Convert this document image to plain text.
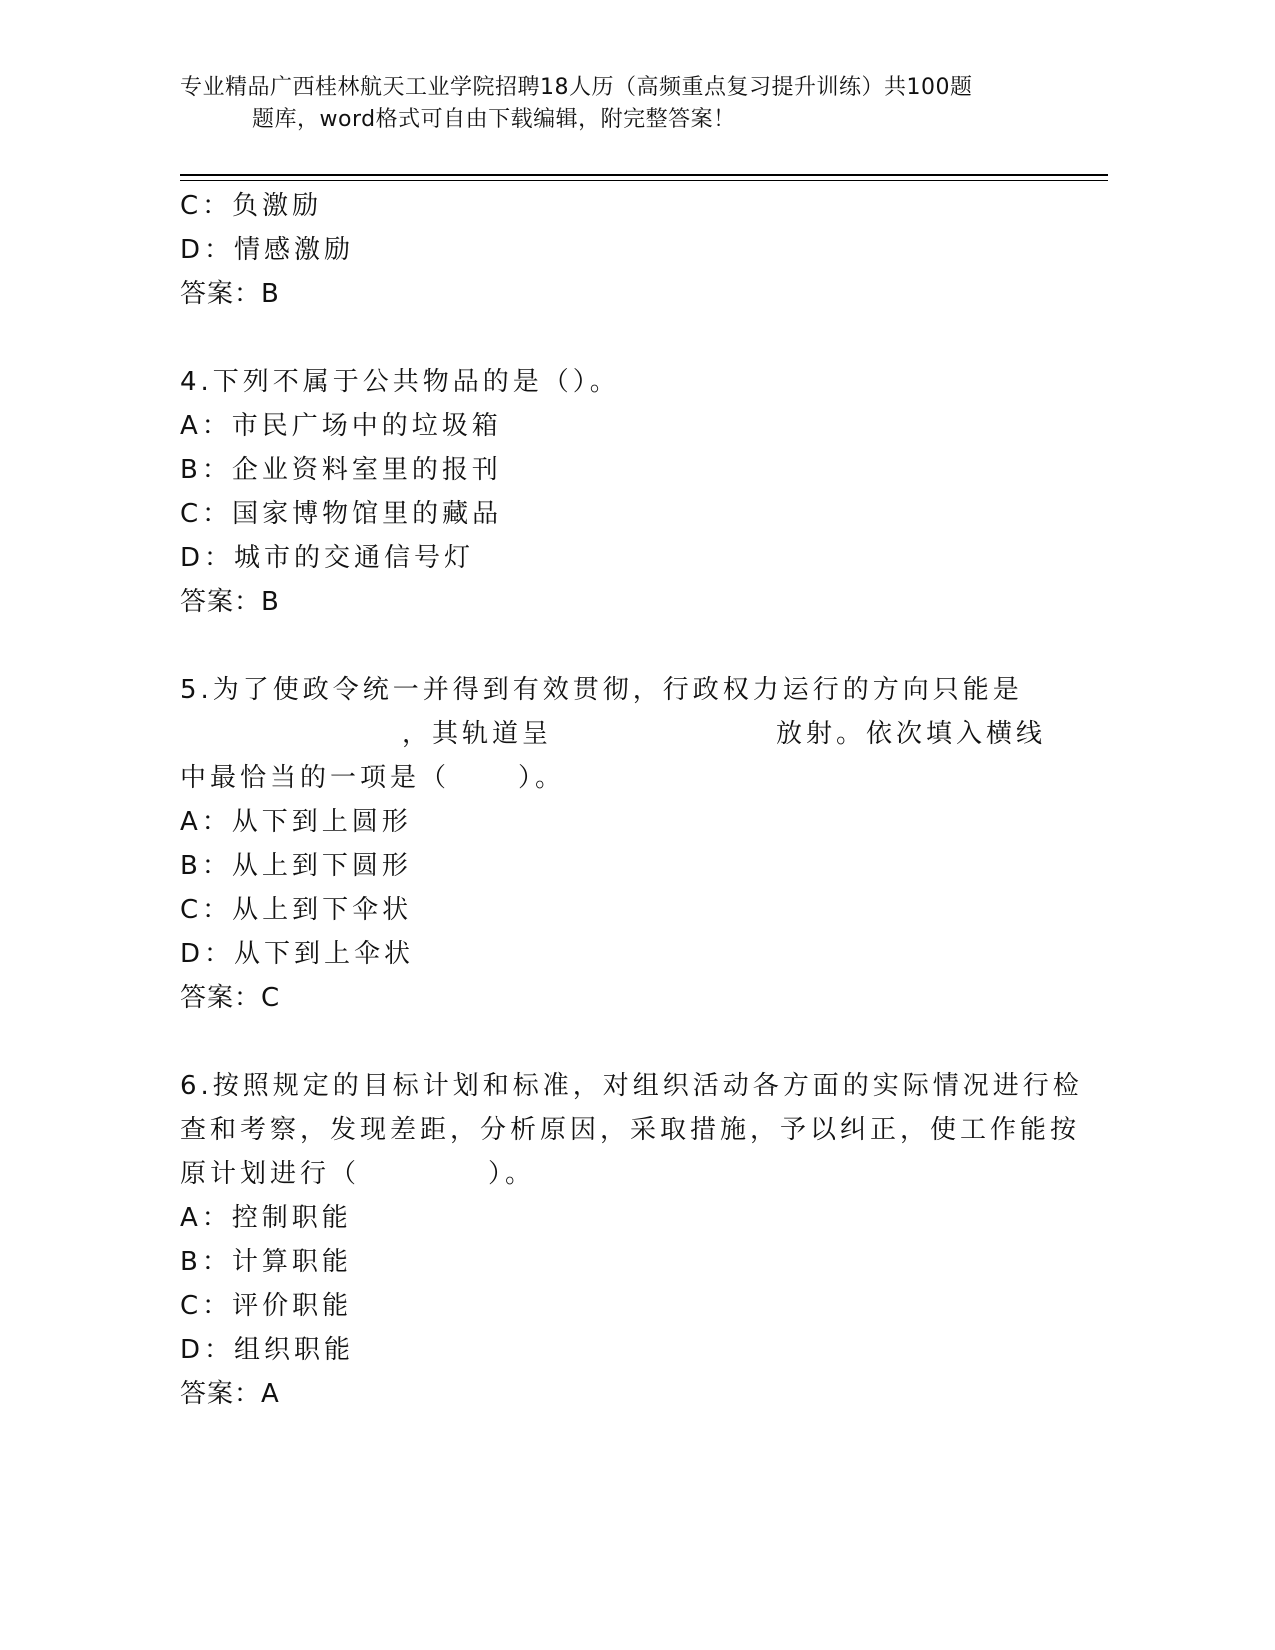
专业精品广西桂林航天工业学院招聘18人历（高频重点复习提升训练）共100题
题库，word格式可自由下载编辑，附完整答案！
C：负激励
D：情感激励
答案：B
4.下列不属于公共物品的是（）。
A：市民广场中的垃圾箱
B：企业资料室里的报刊
C：国家博物馆里的藏品
D：城市的交通信号灯
答案：B
5.为了使政令统一并得到有效贯彻，行政权力运行的方向只能是
，其轨道呈	放射。依次填入横线
中最恰当的一项是（	）。
A：从下到上圆形
B：从上到下圆形
C：从上到下伞状
D：从下到上伞状
答案：C
6.按照规定的目标计划和标准，对组织活动各方面的实际情况进行检
查和考察，发现差距，分析原因，采取措施，予以纠正，使工作能按
原计划进行（	）。
A：控制职能
B：计算职能
C：评价职能
D：组织职能
答案：A
